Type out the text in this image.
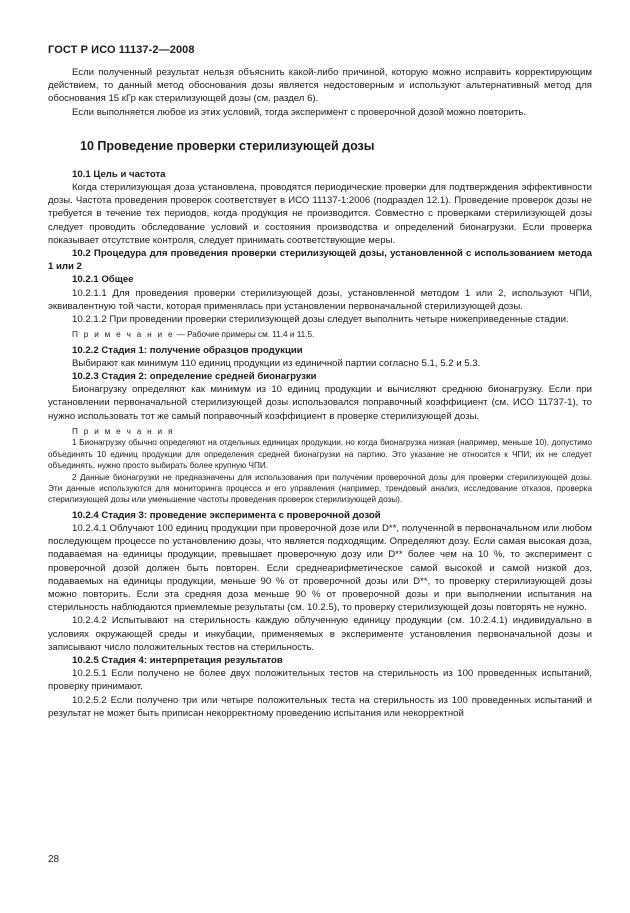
ГОСТ Р ИСО 11137-2—2008

Если полученный результат нельзя объяснить какой-либо причиной, которую можно исправить корректирующим действием, то данный метод обоснования дозы является недостоверным и используют альтернативный метод для обоснования 15 кГр как стерилизующей дозы (см. раздел 6).

Если выполняется любое из этих условий, тогда эксперимент с проверочной дозой можно повторить.

10 Проведение проверки стерилизующей дозы

10.1 Цель и частота

Когда стерилизующая доза установлена, проводятся периодические проверки для подтверждения эффективности дозы. Частота проведения проверок соответствует в ИСО 11137-1:2006 (подраздел 12.1). Проведение проверок дозы не требуется в течение тех периодов, когда продукция не производится. Совместно с проверками стерилизующей дозы следует проводить обследование условий и состояния производства и определений бионагрузки. Если проверка показывает отсутствие контроля, следует принимать соответствующие меры.

10.2 Процедура для проведения проверки стерилизующей дозы, установленной с использованием метода 1 или 2

10.2.1 Общее

10.2.1.1 Для проведения проверки стерилизующей дозы, установленной методом 1 или 2, используют ЧПИ, эквивалентную той части, которая применялась при установлении первоначальной стерилизующей дозы.

10.2.1.2 При проведении проверки стерилизующей дозы следует выполнить четыре нижеприведенные стадии.

П р и м е ч а н и е — Рабочие примеры см. 11.4 и 11.5.

10.2.2 Стадия 1: получение образцов продукции

Выбирают как минимум 110 единиц продукции из единичной партии согласно 5.1, 5.2 и 5.3.

10.2.3 Стадия 2: определение средней бионагрузки

Бионагрузку определяют как минимум из 10 единиц продукции и вычисляют среднюю бионагрузку. Если при установлении первоначальной стерилизующей дозы использовался поправочный коэффициент (см. ИСО 11737-1), то нужно использовать тот же самый поправочный коэффициент в проверке стерилизующей дозы.

П р и м е ч а н и я

1 Бионагрузку обычно определяют на отдельных единицах продукции, но когда бионагрузка низкая (например, меньше 10), допустимо объединять 10 единиц продукции для определения средней бионагрузки на партию. Это указание не относится к ЧПИ; их не следует объединять, нужно просто выбирать более крупную ЧПИ.

2 Данные бионагрузки не предназначены для использования при получении проверочной дозы для проверки стерилизующей дозы. Эти данные используются для мониторинга процесса и его управления (например, трендовый анализ, исследование отказов, проверка стерилизующей дозы или уменьшение частоты проведения проверок стерилизующей дозы).

10.2.4 Стадия 3: проведение эксперимента с проверочной дозой

10.2.4.1 Облучают 100 единиц продукции при проверочной дозе или D**, полученной в первоначальном или любом последующем процессе по установлению дозы, что является подходящим. Определяют дозу. Если самая высокая доза, подаваемая на единицы продукции, превышает проверочную дозу или D** более чем на 10 %, то эксперимент с проверочной дозой должен быть повторен. Если среднеарифметическое самой высокой и самой низкой доз, подаваемых на единицы продукции, меньше 90 % от проверочной дозы или D**, то проверку стерилизующей дозы можно повторить. Если эта средняя доза меньше 90 % от проверочной дозы и при выполнении испытания на стерильность наблюдаются приемлемые результаты (см. 10.2.5), то проверку стерилизующей дозы повторять не нужно.

10.2.4.2 Испытывают на стерильность каждую облученную единицу продукции (см. 10.2.4.1) индивидуально в условиях окружающей среды и инкубации, применяемых в эксперименте установления первоначальной дозы и записывают число положительных тестов на стерильность.

10.2.5 Стадия 4: интерпретация результатов

10.2.5.1 Если получено не более двух положительных тестов на стерильность из 100 проведенных испытаний, проверку принимают.

10.2.5.2 Если получено три или четыре положительных теста на стерильность из 100 проведенных испытаний и результат не может быть приписан некорректному проведению испытания или некорректной

28
